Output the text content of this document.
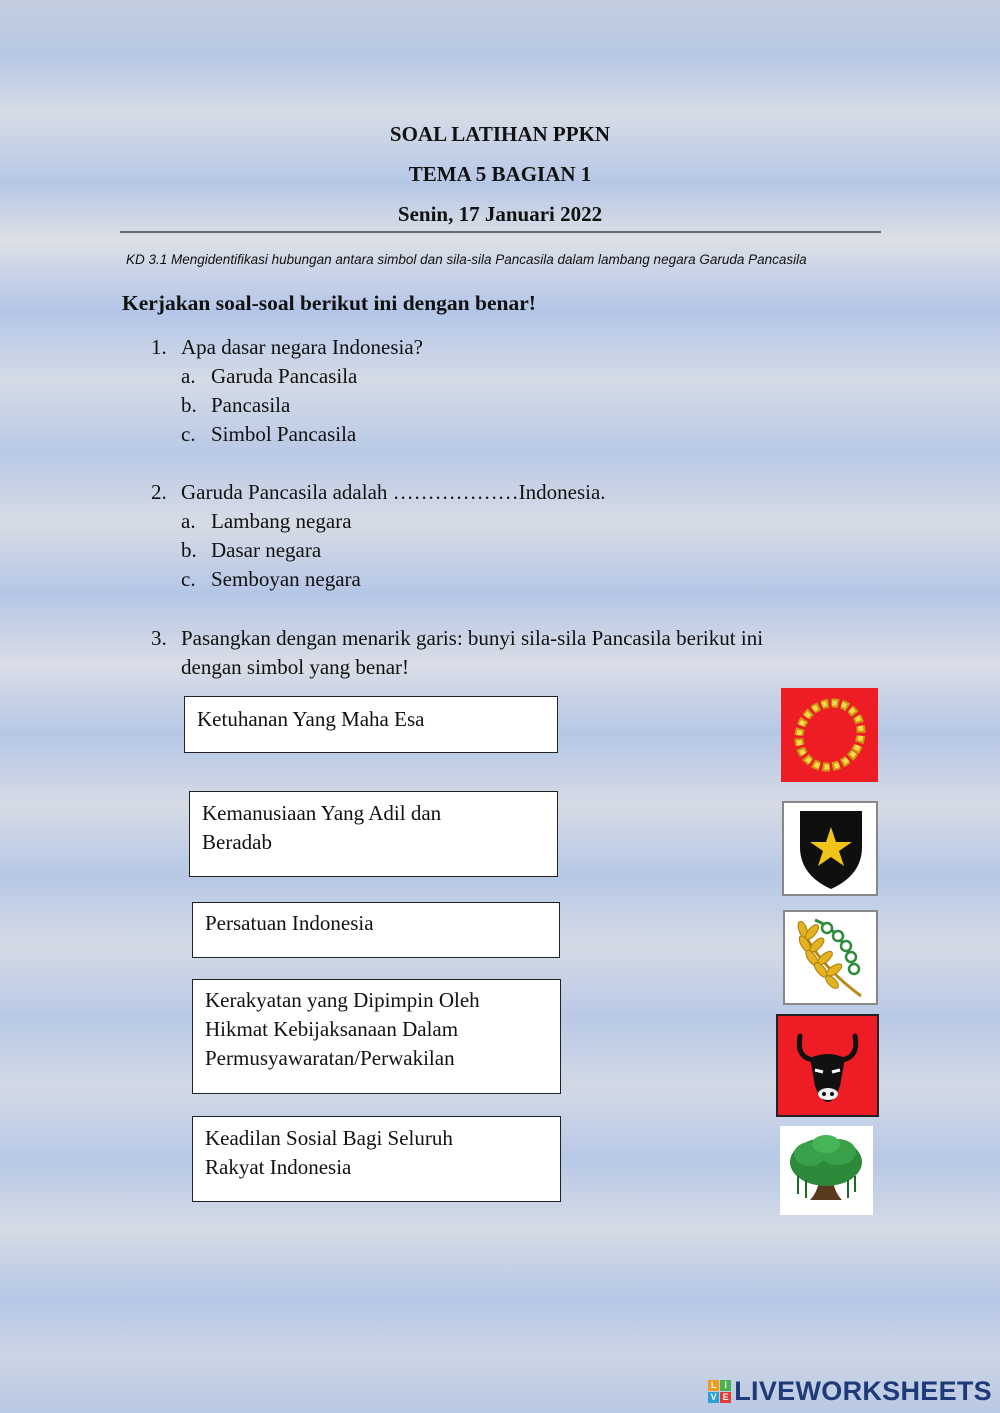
SOAL LATIHAN PPKN
TEMA 5 BAGIAN 1
Senin, 17 Januari 2022
KD 3.1 Mengidentifikasi hubungan antara simbol dan sila-sila Pancasila dalam lambang negara Garuda Pancasila
Kerjakan soal-soal berikut ini dengan benar!
1. Apa dasar negara Indonesia?
a. Garuda Pancasila
b. Pancasila
c. Simbol Pancasila
2. Garuda Pancasila adalah ………………Indonesia.
a. Lambang negara
b. Dasar negara
c. Semboyan negara
3. Pasangkan dengan menarik garis: bunyi sila-sila Pancasila berikut ini
dengan simbol yang benar!
Ketuhanan Yang Maha Esa
Kemanusiaan Yang Adil dan
Beradab
Persatuan Indonesia
Kerakyatan yang Dipimpin Oleh
Hikmat Kebijaksanaan Dalam
Permusyawaratan/Perwakilan
Keadilan Sosial Bagi Seluruh
Rakyat Indonesia
L I
V E LIVEWORKSHEETS
